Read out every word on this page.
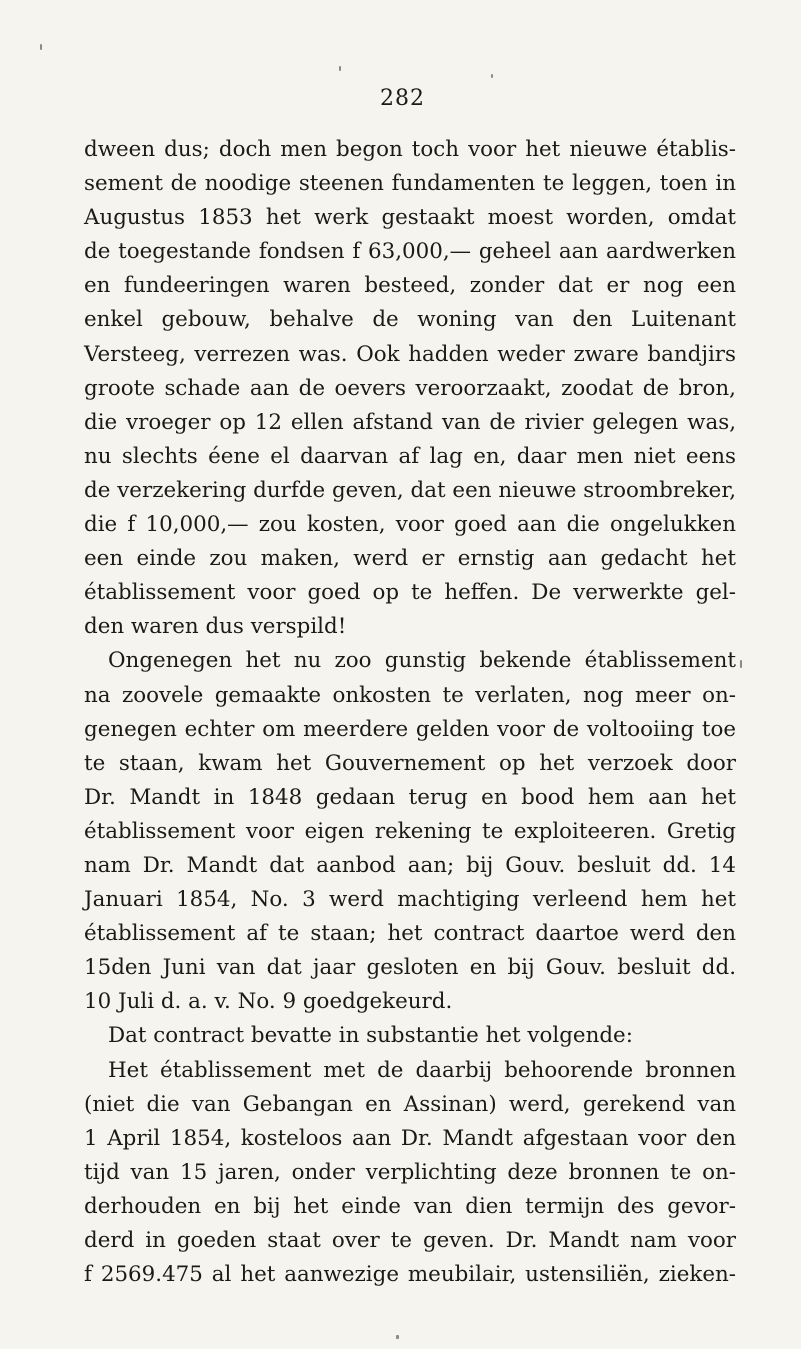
282
dween dus; doch men begon toch voor het nieuwe établis-
sement de noodige steenen fundamenten te leggen, toen in
Augustus 1853 het werk gestaakt moest worden, omdat
de toegestande fondsen f 63,000,— geheel aan aardwerken
en fundeeringen waren besteed, zonder dat er nog een
enkel gebouw, behalve de woning van den Luitenant
Versteeg, verrezen was. Ook hadden weder zware bandjirs
groote schade aan de oevers veroorzaakt, zoodat de bron,
die vroeger op 12 ellen afstand van de rivier gelegen was,
nu slechts éene el daarvan af lag en, daar men niet eens
de verzekering durfde geven, dat een nieuwe stroombreker,
die f 10,000,— zou kosten, voor goed aan die ongelukken
een einde zou maken, werd er ernstig aan gedacht het
établissement voor goed op te heffen. De verwerkte gel-
den waren dus verspild!
Ongenegen het nu zoo gunstig bekende établissement
na zoovele gemaakte onkosten te verlaten, nog meer on-
genegen echter om meerdere gelden voor de voltooiing toe
te staan, kwam het Gouvernement op het verzoek door
Dr. Mandt in 1848 gedaan terug en bood hem aan het
établissement voor eigen rekening te exploiteeren. Gretig
nam Dr. Mandt dat aanbod aan; bij Gouv. besluit dd. 14
Januari 1854, No. 3 werd machtiging verleend hem het
établissement af te staan; het contract daartoe werd den
15den Juni van dat jaar gesloten en bij Gouv. besluit dd.
10 Juli d. a. v. No. 9 goedgekeurd.
Dat contract bevatte in substantie het volgende:
Het établissement met de daarbij behoorende bronnen
(niet die van Gebangan en Assinan) werd, gerekend van
1 April 1854, kosteloos aan Dr. Mandt afgestaan voor den
tijd van 15 jaren, onder verplichting deze bronnen te on-
derhouden en bij het einde van dien termijn des gevor-
derd in goeden staat over te geven. Dr. Mandt nam voor
f 2569.475 al het aanwezige meubilair, ustensiliën, zieken-
